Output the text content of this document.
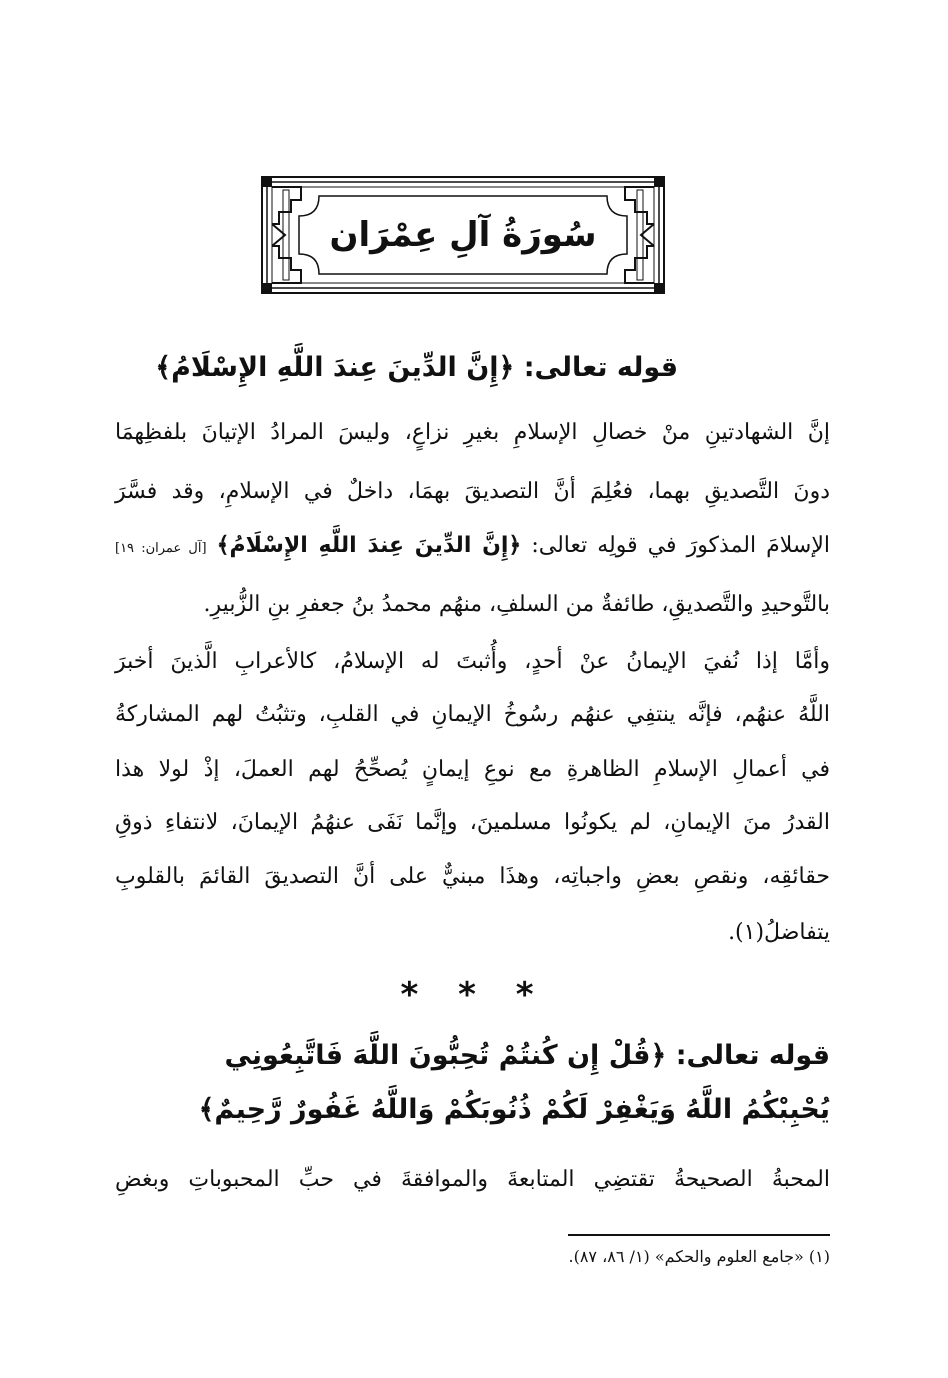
سُورَةُ آلِ عِمْرَان
قوله تعالى: ﴿إِنَّ الدِّينَ عِندَ اللَّهِ الإِسْلَامُ﴾
إنَّ الشهادتينِ منْ خصالِ الإسلامِ بغيرِ نزاعٍ، وليسَ المرادُ الإتيانَ بلفظِهمَا
دونَ التَّصديقِ بهما، فعُلِمَ أنَّ التصديقَ بهمَا، داخلٌ في الإسلامِ، وقد فسَّرَ
الإسلامَ المذكورَ في قولِه تعالى: ﴿إِنَّ الدِّينَ عِندَ اللَّهِ الإِسْلَامُ﴾ [آل عمران: ١٩]
بالتَّوحيدِ والتَّصديقِ، طائفةٌ من السلفِ، منهُم محمدُ بنُ جعفرِ بنِ الزُّبيرِ.
وأمَّا إذا نُفيَ الإيمانُ عنْ أحدٍ، وأُثبتَ له الإسلامُ، كالأعرابِ الَّذينَ أخبرَ
اللَّهُ عنهُم، فإنَّه ينتفِي عنهُم رسُوخُ الإيمانِ في القلبِ، وتثبُتُ لهم المشاركةُ
في أعمالِ الإسلامِ الظاهرةِ مع نوعِ إيمانٍ يُصحِّحُ لهم العملَ، إذْ لولا هذا
القدرُ منَ الإيمانِ، لم يكونُوا مسلمينَ، وإنَّما نَفَى عنهُمُ الإيمانَ، لانتفاءِ ذوقِ
حقائقِه، ونقصِ بعضِ واجباتِه، وهذَا مبنيٌّ على أنَّ التصديقَ القائمَ بالقلوبِ
يتفاضلُ(١).
* * *
قوله تعالى: ﴿قُلْ إِن كُنتُمْ تُحِبُّونَ اللَّهَ فَاتَّبِعُونِي
يُحْبِبْكُمُ اللَّهُ وَيَغْفِرْ لَكُمْ ذُنُوبَكُمْ وَاللَّهُ غَفُورٌ رَّحِيمٌ﴾
المحبةُ الصحيحةُ تقتضِي المتابعةَ والموافقةَ في حبِّ المحبوباتِ وبغضِ
(١) «جامع العلوم والحكم» (١/ ٨٦، ٨٧).
